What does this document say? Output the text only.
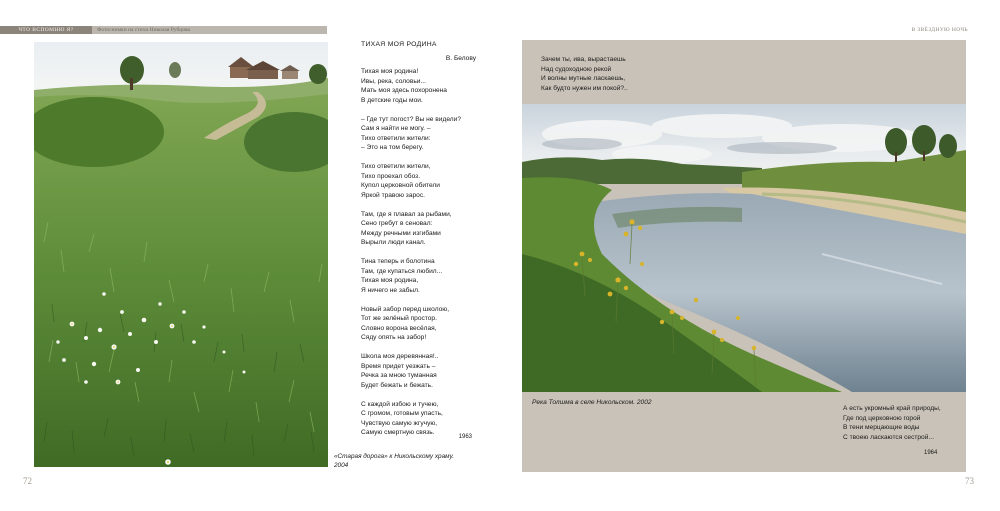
ЧТО ВСПОМНЮ Я?	Фотоснимки на стихи Николая Рубцова	В ЗВЁЗДНУЮ НОЧЬ
ТИХАЯ МОЯ РОДИНА
В. Белову
Тихая моя родина!
Ивы, река, соловьи...
Мать моя здесь похоронена
В детские годы мои.
– Где тут погост? Вы не видели?
Сам я найти не могу. –
Тихо ответили жители:
– Это на том берегу.
Тихо ответили жители,
Тихо проехал обоз.
Купол церковной обители
Яркой травою зарос.
Там, где я плавал за рыбами,
Сено гребут в сеновал:
Между речными изгибами
Вырыли люди канал.
Тина теперь и болотина
Там, где купаться любил...
Тихая моя родина,
Я ничего не забыл.
Новый забор перед школою,
Тот же зелёный простор.
Словно ворона весёлая,
Сяду опять на забор!
Школа моя деревянная!..
Время придет уезжать –
Речка за мною туманная
Будет бежать и бежать.
С каждой избою и тучею,
С громом, готовым упасть,
Чувствую самую жгучую,
Самую смертную связь.
1963
«Старая дорога» к Никольскому храму.
2004
Зачем ты, ива, вырастаешь
Над судоходною рекой
И волны мутные ласкаешь,
Как будто нужен им покой?..
Река Толшма в селе Никольском. 2002
А есть укромный край природы,
Где под церковною горой
В тени мерцающие воды
С твоею ласкаются сестрой...
1964
72	73
